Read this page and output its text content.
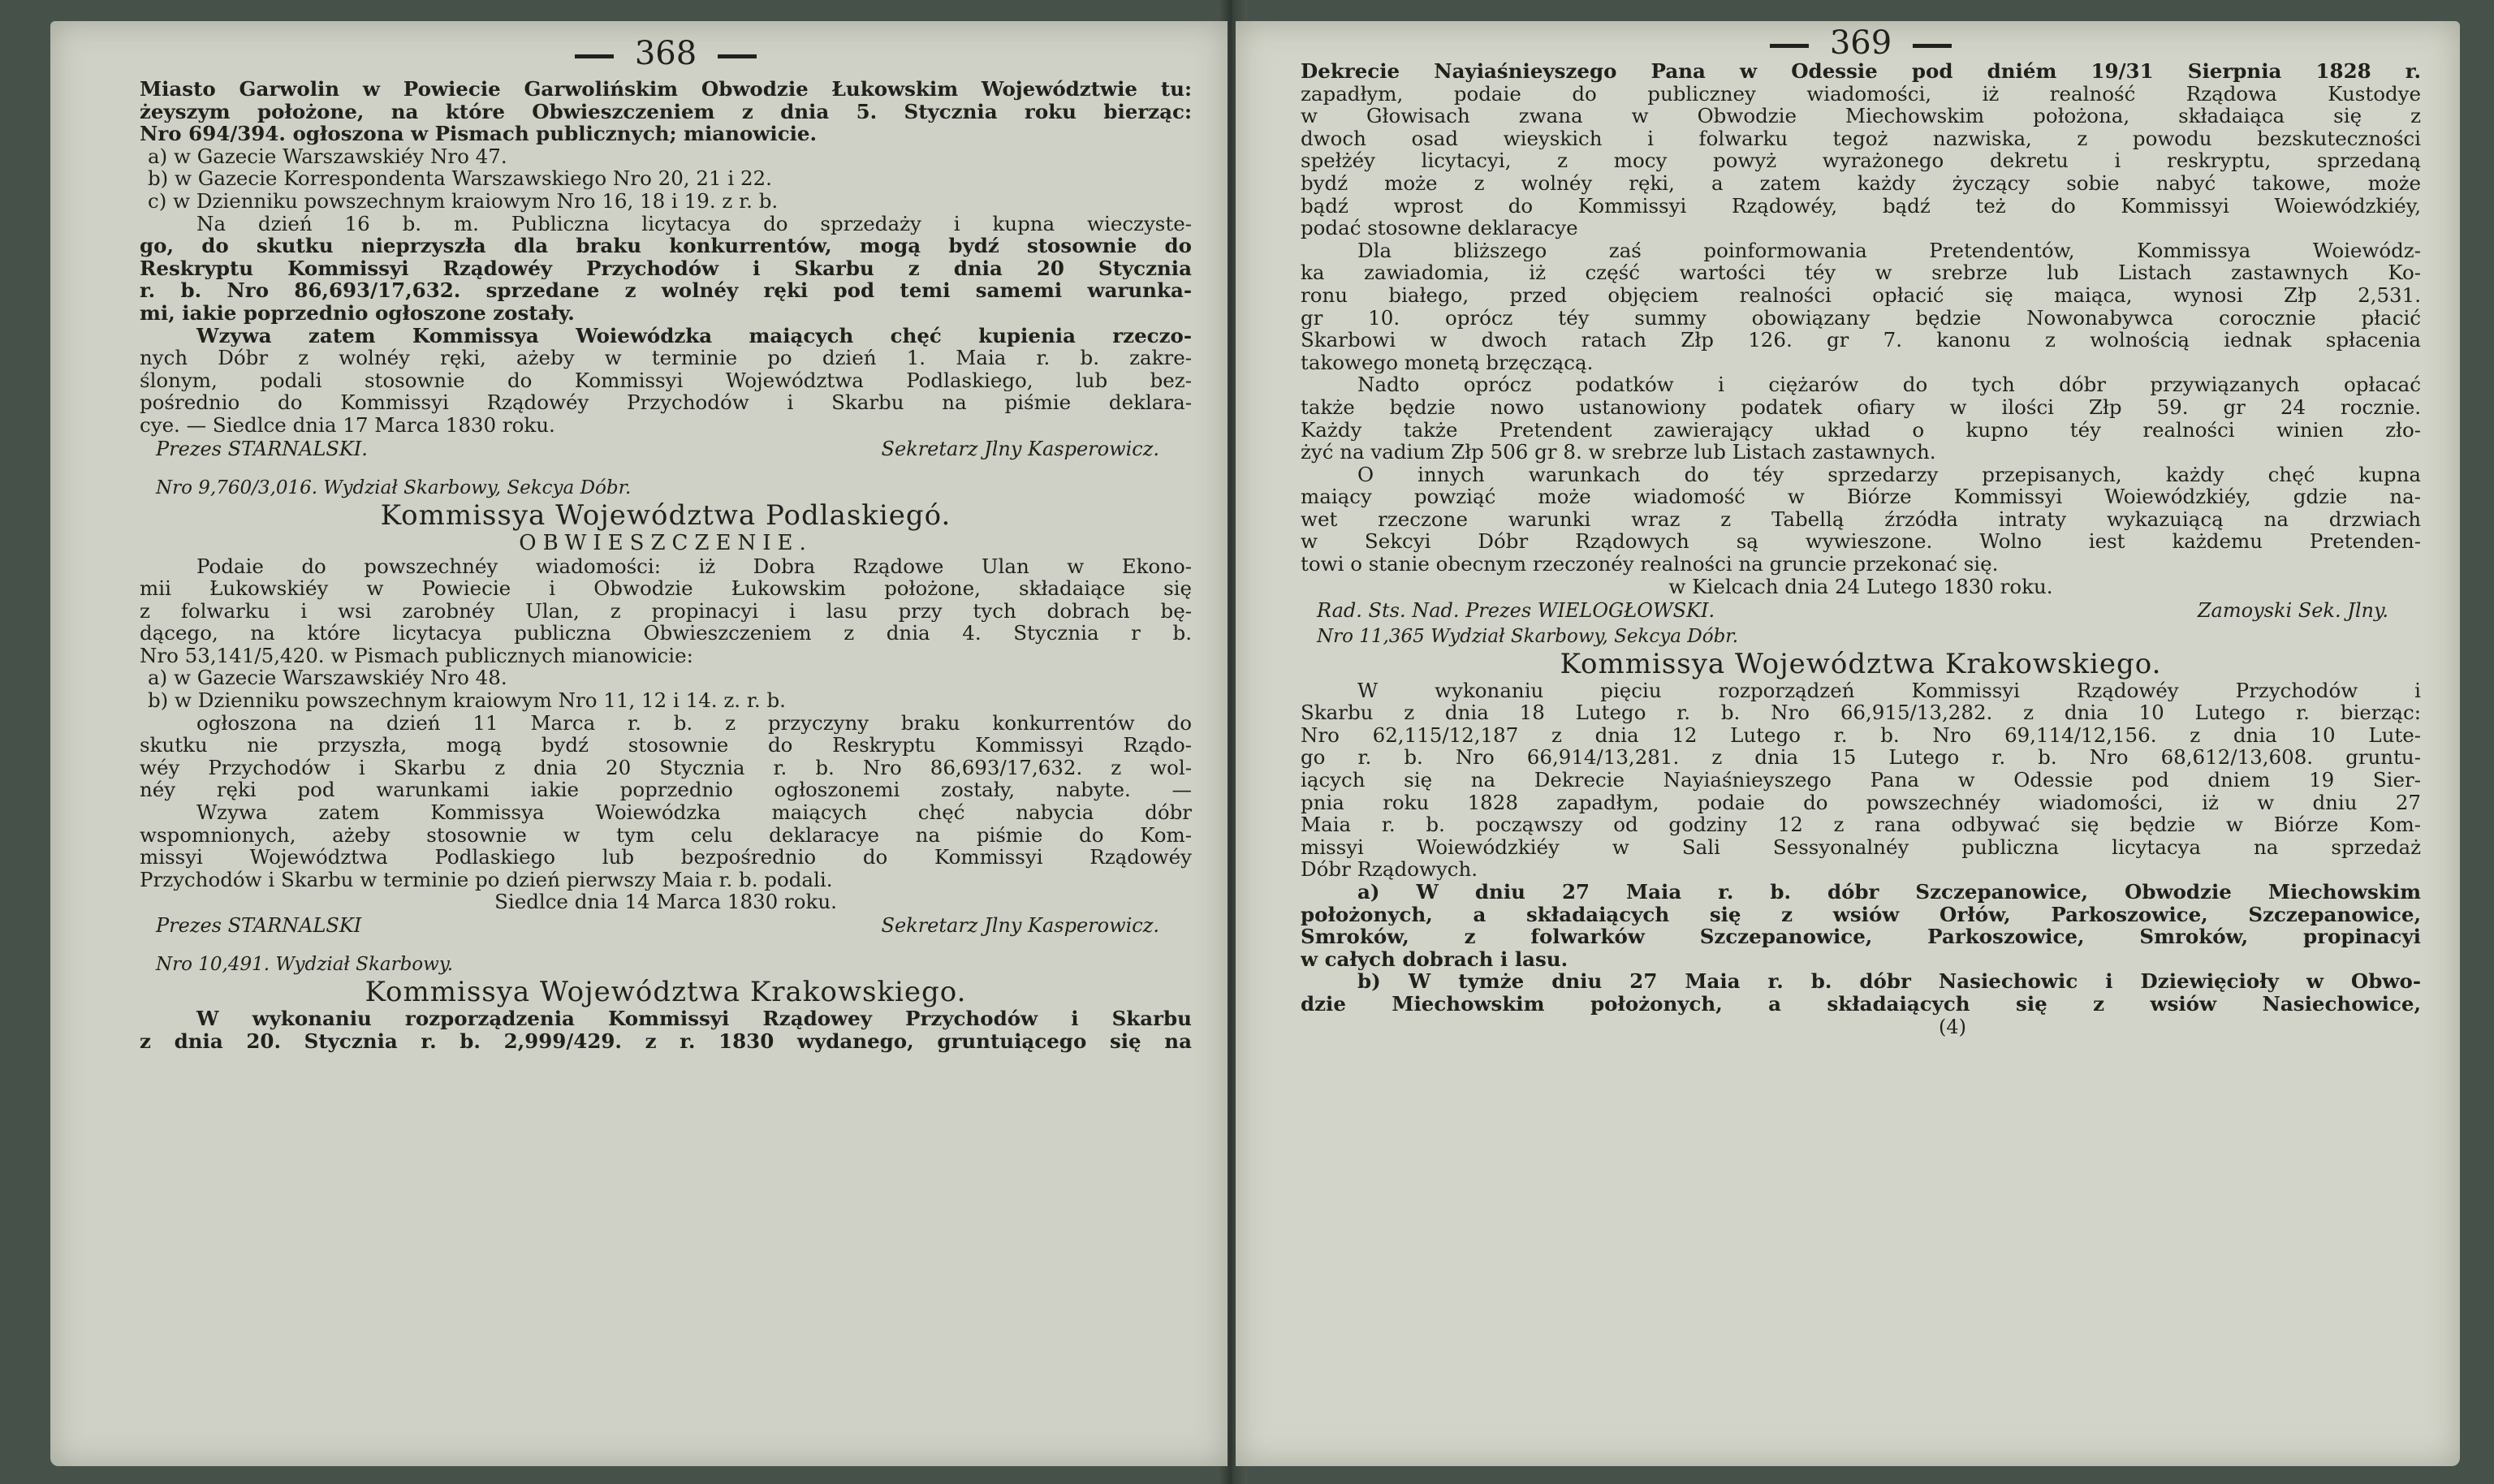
368

Miasto Garwolin w Powiecie Garwolińskim Obwodzie Łukowskim Województwie tu:

żeyszym położone, na które Obwieszczeniem z dnia 5. Stycznia roku bierząc:

Nro 694/394. ogłoszona w Pismach publicznych; mianowicie.

a) w Gazecie Warszawskiéy Nro 47.

b) w Gazecie Korrespondenta Warszawskiego Nro 20, 21 i 22.

c) w Dzienniku powszechnym kraiowym Nro 16, 18 i 19. z r. b.

Na dzień 16 b. m. Publiczna licytacya do sprzedaży i kupna wieczyste-

go, do skutku nieprzyszła dla braku konkurrentów, mogą bydź stosownie do

Reskryptu Kommissyi Rządowéy Przychodów i Skarbu z dnia 20 Stycznia

r. b. Nro 86,693/17,632. sprzedane z wolnéy ręki pod temi samemi warunka-

mi, iakie poprzednio ogłoszone zostały.

Wzywa zatem Kommissya Woiewódzka maiących chęć kupienia rzeczo-

nych Dóbr z wolnéy ręki, ażeby w terminie po dzień 1. Maia r. b. zakre-

ślonym, podali stosownie do Kommissyi Województwa Podlaskiego, lub bez-

pośrednio do Kommissyi Rządowéy Przychodów i Skarbu na piśmie deklara-

cye. — Siedlce dnia 17 Marca 1830 roku.

Prezes STARNALSKI.	Sekretarz Jlny Kasperowicz.
Nro 9,760/3,016. Wydział Skarbowy, Sekcya Dóbr.
Kommissya Województwa Podlaskiegó.
OBWIESZCZENIE.

Podaie do powszechnéy wiadomości: iż Dobra Rządowe Ulan w Ekono-

mii Łukowskiéy w Powiecie i Obwodzie Łukowskim położone, składaiące się

z folwarku i wsi zarobnéy Ulan, z propinacyi i lasu przy tych dobrach bę-

dącego, na które licytacya publiczna Obwieszczeniem z dnia 4. Stycznia r b.

Nro 53,141/5,420. w Pismach publicznych mianowicie:

a) w Gazecie Warszawskiéy Nro 48.

b) w Dzienniku powszechnym kraiowym Nro 11, 12 i 14. z. r. b.

ogłoszona na dzień 11 Marca r. b. z przyczyny braku konkurrentów do

skutku nie przyszła, mogą bydź stosownie do Reskryptu Kommissyi Rządo-

wéy Przychodów i Skarbu z dnia 20 Stycznia r. b. Nro 86,693/17,632. z wol-

néy ręki pod warunkami iakie poprzednio ogłoszonemi zostały, nabyte. —

Wzywa zatem Kommissya Woiewódzka maiących chęć nabycia dóbr

wspomnionych, ażeby stosownie w tym celu deklaracye na piśmie do Kom-

missyi Województwa Podlaskiego lub bezpośrednio do Kommissyi Rządowéy

Przychodów i Skarbu w terminie po dzień pierwszy Maia r. b. podali.

Siedlce dnia 14 Marca 1830 roku.
Prezes STARNALSKI	Sekretarz Jlny Kasperowicz.
Nro 10,491. Wydział Skarbowy.
Kommissya Województwa Krakowskiego.

W wykonaniu rozporządzenia Kommissyi Rządowey Przychodów i Skarbu

z dnia 20. Stycznia r. b. 2,999/429. z r. 1830 wydanego, gruntuiącego się na

369

Dekrecie Nayiaśnieyszego Pana w Odessie pod dniém 19/31 Sierpnia 1828 r.

zapadłym, podaie do publiczney wiadomości, iż realność Rządowa Kustodye

w Głowisach zwana w Obwodzie Miechowskim położona, składaiąca się z

dwoch osad wieyskich i folwarku tegoż nazwiska, z powodu bezskuteczności

spełżéy licytacyi, z mocy powyż wyrażonego dekretu i reskryptu, sprzedaną

bydź może z wolnéy ręki, a zatem każdy życzący sobie nabyć takowe, może

bądź wprost do Kommissyi Rządowéy, bądź też do Kommissyi Woiewódzkiéy,

podać stosowne deklaracye

Dla bliższego zaś poinformowania Pretendentów, Kommissya Woiewódz-

ka zawiadomia, iż część wartości téy w srebrze lub Listach zastawnych Ko-

ronu białego, przed objęciem realności opłacić się maiąca, wynosi Złp 2,531.

gr 10. oprócz téy summy obowiązany będzie Nowonabywca corocznie płacić

Skarbowi w dwoch ratach Złp 126. gr 7. kanonu z wolnością iednak spłacenia

takowego monetą brzęczącą.

Nadto oprócz podatków i ciężarów do tych dóbr przywiązanych opłacać

także będzie nowo ustanowiony podatek ofiary w ilości Złp 59. gr 24 rocznie.

Każdy także Pretendent zawierający układ o kupno téy realności winien zło-

żyć na vadium Złp 506 gr 8. w srebrze lub Listach zastawnych.

O innych warunkach do téy sprzedarzy przepisanych, każdy chęć kupna

maiący powziąć może wiadomość w Biórze Kommissyi Woiewódzkiéy, gdzie na-

wet rzeczone warunki wraz z Tabellą źrzódła intraty wykazuiącą na drzwiach

w Sekcyi Dóbr Rządowych są wywieszone. Wolno iest każdemu Pretenden-

towi o stanie obecnym rzeczonéy realności na gruncie przekonać się.

w Kielcach dnia 24 Lutego 1830 roku.
Rad. Sts. Nad. Prezes WIELOGŁOWSKI.	Zamoyski Sek. Jlny.
Nro 11,365 Wydział Skarbowy, Sekcya Dóbr.
Kommissya Województwa Krakowskiego.

W wykonaniu pięciu rozporządzeń Kommissyi Rządowéy Przychodów i

Skarbu z dnia 18 Lutego r. b. Nro 66,915/13,282. z dnia 10 Lutego r. bierząc:

Nro 62,115/12,187 z dnia 12 Lutego r. b. Nro 69,114/12,156. z dnia 10 Lute-

go r. b. Nro 66,914/13,281. z dnia 15 Lutego r. b. Nro 68,612/13,608. gruntu-

iących się na Dekrecie Nayiaśnieyszego Pana w Odessie pod dniem 19 Sier-

pnia roku 1828 zapadłym, podaie do powszechnéy wiadomości, iż w dniu 27

Maia r. b. począwszy od godziny 12 z rana odbywać się będzie w Biórze Kom-

missyi Woiewódzkiéy w Sali Sessyonalnéy publiczna licytacya na sprzedaż

Dóbr Rządowych.

a) W dniu 27 Maia r. b. dóbr Szczepanowice, Obwodzie Miechowskim

położonych, a składaiących się z wsiów Orłów, Parkoszowice, Szczepanowice,

Smroków, z folwarków Szczepanowice, Parkoszowice, Smroków, propinacyi

w całych dobrach i lasu.

b) W tymże dniu 27 Maia r. b. dóbr Nasiechowic i Dziewięcioły w Obwo-

dzie Miechowskim położonych, a składaiących się z wsiów Nasiechowice,

(4)
